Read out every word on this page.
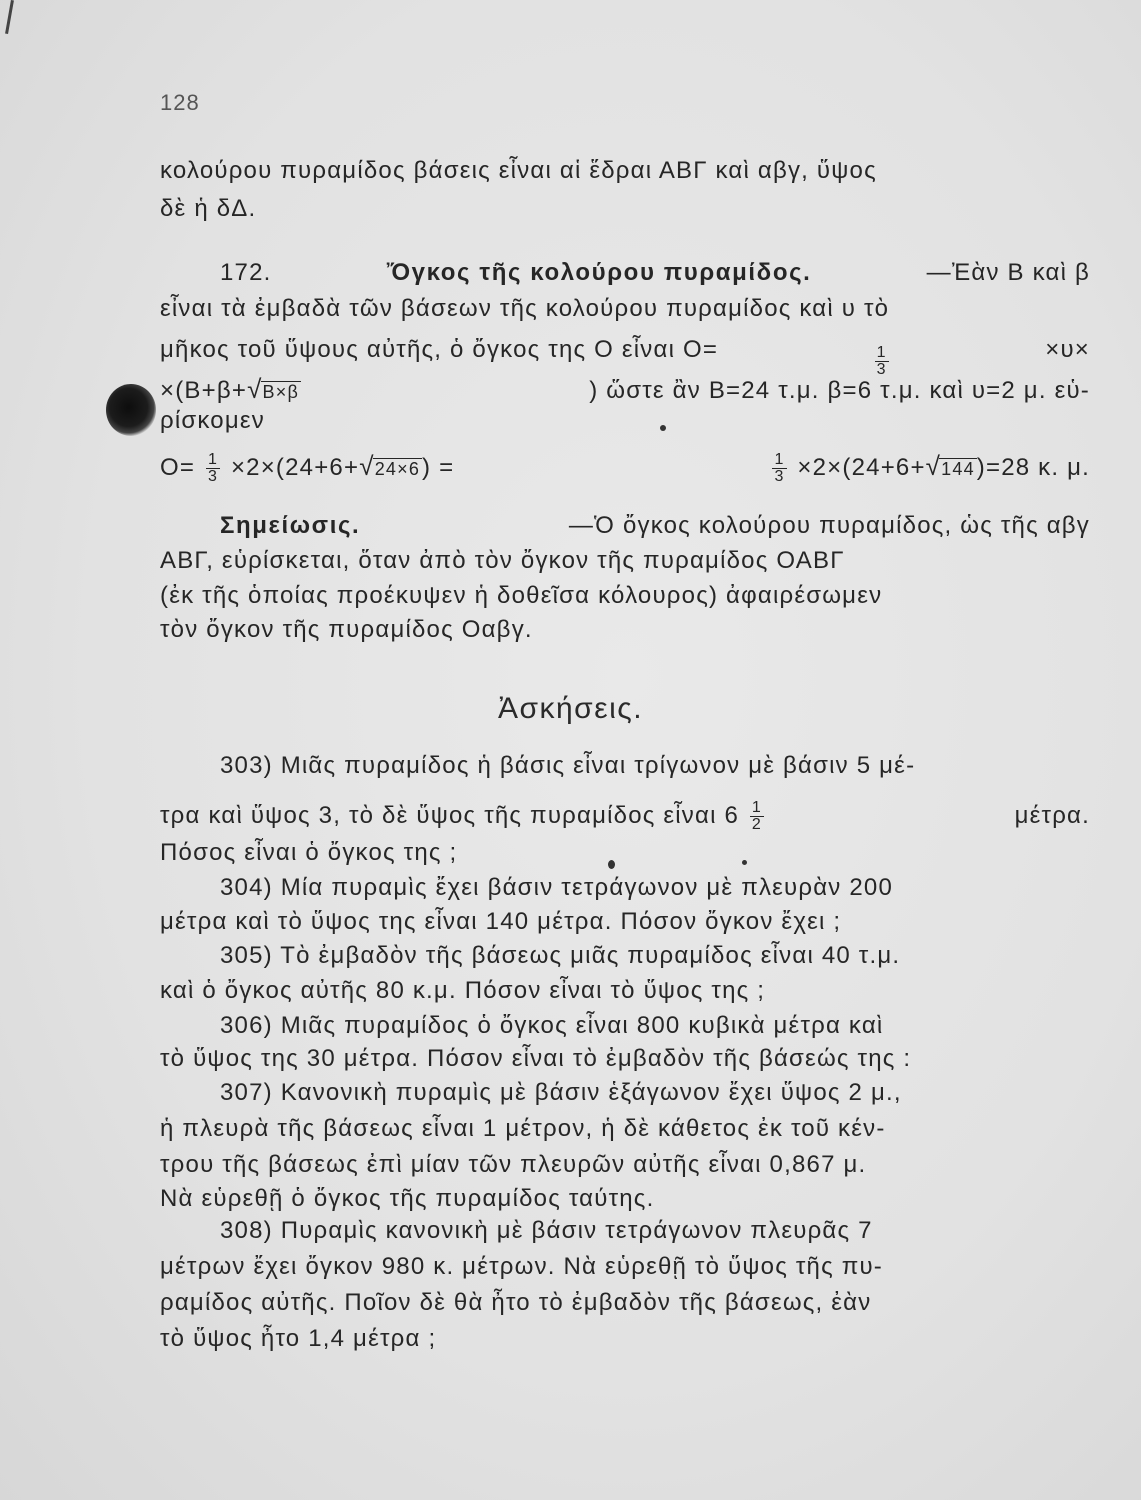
128
κολούρου πυραμίδος βάσεις εἶναι αἱ ἕδραι ΑΒΓ καὶ αβγ, ὕψος
δὲ ἡ δΔ.
172.	Ὄγκος τῆς κολούρου πυραμίδος.	—Ἐὰν Β καὶ β
εἶναι τὰ ἐμβαδὰ τῶν βάσεων τῆς κολούρου πυραμίδος καὶ υ τὸ
μῆκος τοῦ ὕψους αὐτῆς, ὁ ὄγκος της Ο εἶναι Ο=	$\frac{1}{3}$	×υ×
×(Β+β+√Β×β	) ὥστε ἂν Β=24 τ.μ. β=6 τ.μ. καὶ υ=2 μ. εὑ-
ρίσκομεν
$O= \frac{1}{3} \times 2\times(24+6+√24\times 6)$ =	$\frac{1}{3} \times 2\times(24+6+√144)=28$ κ. μ.
Σημείωσις.	—Ὁ ὄγκος κολούρου πυραμίδος, ὡς τῆς αβγ
ΑΒΓ, εὑρίσκεται, ὅταν ἀπὸ τὸν ὄγκον τῆς πυραμίδος ΟΑΒΓ
(ἐκ τῆς ὁποίας προέκυψεν ἡ δοθεῖσα κόλουρος) ἀφαιρέσωμεν
τὸν ὄγκον τῆς πυραμίδος Οαβγ.
Ἀσκήσεις.
303) Μιᾶς πυραμίδος ἡ βάσις εἶναι τρίγωνον μὲ βάσιν 5 μέ-
τρα καὶ ὕψος 3, τὸ δὲ ὕψος τῆς πυραμίδος εἶναι $6 \frac{1}{2}$	μέτρα.
Πόσος εἶναι ὁ ὄγκος της ;
304) Μία πυραμὶς ἔχει βάσιν τετράγωνον μὲ πλευρὰν 200
μέτρα καὶ τὸ ὕψος της εἶναι 140 μέτρα. Πόσον ὄγκον ἔχει ;
305) Τὸ ἐμβαδὸν τῆς βάσεως μιᾶς πυραμίδος εἶναι 40 τ.μ.
καὶ ὁ ὄγκος αὐτῆς 80 κ.μ. Πόσον εἶναι τὸ ὕψος της ;
306) Μιᾶς πυραμίδος ὁ ὄγκος εἶναι 800 κυβικὰ μέτρα καὶ
τὸ ὕψος της 30 μέτρα. Πόσον εἶναι τὸ ἐμβαδὸν τῆς βάσεώς της :
307) Κανονικὴ πυραμὶς μὲ βάσιν ἑξάγωνον ἔχει ὕψος 2 μ.,
ἡ πλευρὰ τῆς βάσεως εἶναι 1 μέτρον, ἡ δὲ κάθετος ἐκ τοῦ κέν-
τρου τῆς βάσεως ἐπὶ μίαν τῶν πλευρῶν αὐτῆς εἶναι 0,867 μ.
Νὰ εὑρεθῇ ὁ ὄγκος τῆς πυραμίδος ταύτης.
308) Πυραμὶς κανονικὴ μὲ βάσιν τετράγωνον πλευρᾶς 7
μέτρων ἔχει ὄγκον 980 κ. μέτρων. Νὰ εὑρεθῇ τὸ ὕψος τῆς πυ-
ραμίδος αὐτῆς. Ποῖον δὲ θὰ ἦτο τὸ ἐμβαδὸν τῆς βάσεως, ἐὰν
τὸ ὕψος ἦτο 1,4 μέτρα ;
